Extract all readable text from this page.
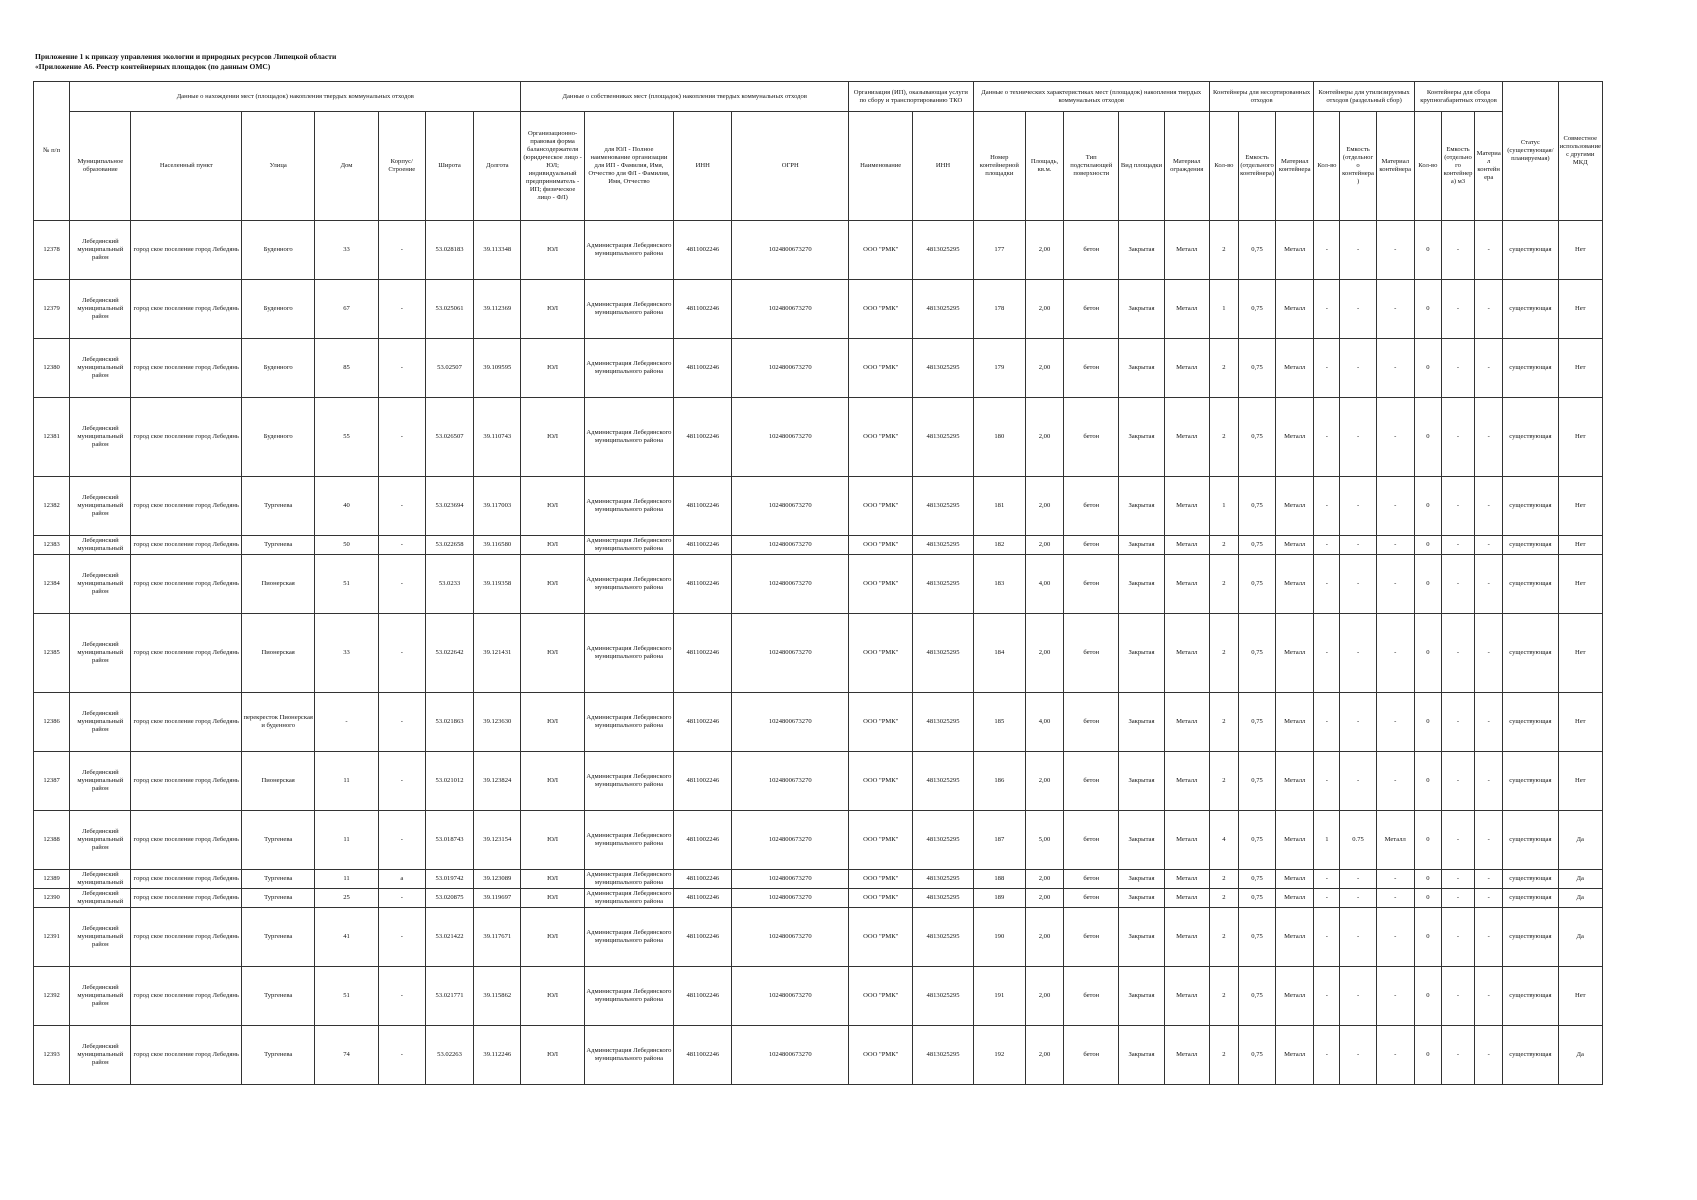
Приложение 1 к приказу управления экологии и природных ресурсов Липецкой области
«Приложение А6. Реестр контейнерных площадок (по данным ОМС)
№ п/п	Данные о нахождении мест (площадок) накопления твердых коммунальных отходов							Данные о собственниках мест (площадок) накопления твердых коммунальных отходов				Организация (ИП), оказывающая услуги по сбору и транспортированию ТКО		Данные о технических характеристиках мест (площадок) накопления твердых коммунальных отходов					Контейнеры для несортированных отходов			Контейнеры для утилизируемых отходов (раздельный сбор)			Контейнеры для сбора крупногабаритных отходов			Статус (существующая/планируемая)	Совместное использование с другими МКД
	Муниципальное образование	Населенный пункт	Улица	Дом	Корпус/Строение	Широта	Долгота	Организационно-правовая форма балансодержателя (юридическое лицо - ЮЛ; индивидуальный предприниматель - ИП; физическое лицо - ФЛ)	для ЮЛ - Полное наименование организации для ИП - Фамилия, Имя, Отчество для ФЛ - Фамилия, Имя, Отчество	ИНН	ОГРН	Наименование	ИНН	Номер контейнерной площадки	Площадь, кв.м.	Тип подстилающей поверхности	Вид площадки	Материал ограждения	Кол-во	Емкость (отдельного контейнера)	Материал контейнера	Кол-во	Емкость (отдельного контейнера)	Материал контейнера	Кол-во	Емкость (отдельного контейнера) м3	Материал контейнера		
12378	Лебедянский муниципальный район	город ское поселение город Лебедянь	Буденного	33	-	53.028183	39.113348	ЮЛ	Администрация Лебедянского муниципального района	4811002246	1024800673270	ООО "РМК"	4813025295	177	2,00	бетон	Закрытая	Металл	2	0,75	Металл	-	-	-	0	-	-	существующая	Нет
12379	Лебедянский муниципальный район	город ское поселение город Лебедянь	Буденного	67	-	53.025061	39.112369	ЮЛ	Администрация Лебедянского муниципального района	4811002246	1024800673270	ООО "РМК"	4813025295	178	2,00	бетон	Закрытая	Металл	1	0,75	Металл	-	-	-	0	-	-	существующая	Нет
12380	Лебедянский муниципальный район	город ское поселение город Лебедянь	Буденного	85	-	53.02507	39.109595	ЮЛ	Администрация Лебедянского муниципального района	4811002246	1024800673270	ООО "РМК"	4813025295	179	2,00	бетон	Закрытая	Металл	2	0,75	Металл	-	-	-	0	-	-	существующая	Нет
12381	Лебедянский муниципальный район	город ское поселение город Лебедянь	Буденного	55	-	53.026507	39.110743	ЮЛ	Администрация Лебедянского муниципального района	4811002246	1024800673270	ООО "РМК"	4813025295	180	2,00	бетон	Закрытая	Металл	2	0,75	Металл	-	-	-	0	-	-	существующая	Нет
12382	Лебедянский муниципальный район	город ское поселение город Лебедянь	Тургенева	40	-	53.023694	39.117003	ЮЛ	Администрация Лебедянского муниципального района	4811002246	1024800673270	ООО "РМК"	4813025295	181	2,00	бетон	Закрытая	Металл	1	0,75	Металл	-	-	-	0	-	-	существующая	Нет

12383	Лебедянский муниципальный	город ское поселение город Лебедянь	Тургенева	50	-	53.022658	39.116580	ЮЛ	Администрация Лебедянского муниципального района	4811002246	1024800673270	ООО "РМК"	4813025295	182	2,00	бетон	Закрытая	Металл	2	0,75	Металл	-	-	-	0	-	-	существующая	Нет

12384	Лебедянский муниципальный район	город ское поселение город Лебедянь	Пионерская	51	-	53.0233	39.119358	ЮЛ	Администрация Лебедянского муниципального района	4811002246	1024800673270	ООО "РМК"	4813025295	183	4,00	бетон	Закрытая	Металл	2	0,75	Металл	-	-	-	0	-	-	существующая	Нет
12385	Лебедянский муниципальный район	город ское поселение город Лебедянь	Пионерская	33	-	53.022642	39.121431	ЮЛ	Администрация Лебедянского муниципального района	4811002246	1024800673270	ООО "РМК"	4813025295	184	2,00	бетон	Закрытая	Металл	2	0,75	Металл	-	-	-	0	-	-	существующая	Нет
12386	Лебедянский муниципальный район	город ское поселение город Лебедянь	перекресток Пионерская и буденного	-	-	53.021863	39.123630	ЮЛ	Администрация Лебедянского муниципального района	4811002246	1024800673270	ООО "РМК"	4813025295	185	4,00	бетон	Закрытая	Металл	2	0,75	Металл	-	-	-	0	-	-	существующая	Нет
12387	Лебедянский муниципальный район	город ское поселение город Лебедянь	Пионерская	11	-	53.021012	39.123824	ЮЛ	Администрация Лебедянского муниципального района	4811002246	1024800673270	ООО "РМК"	4813025295	186	2,00	бетон	Закрытая	Металл	2	0,75	Металл	-	-	-	0	-	-	существующая	Нет
12388	Лебедянский муниципальный район	город ское поселение город Лебедянь	Тургенева	11	-	53.018743	39.123154	ЮЛ	Администрация Лебедянского муниципального района	4811002246	1024800673270	ООО "РМК"	4813025295	187	5,00	бетон	Закрытая	Металл	4	0,75	Металл	1	0.75	Металл	0	-	-	существующая	Да

12389	Лебедянский муниципальный	город ское поселение город Лебедянь	Тургенева	11	а	53.019742	39.123089	ЮЛ	Администрация Лебедянского муниципального района	4811002246	1024800673270	ООО "РМК"	4813025295	188	2,00	бетон	Закрытая	Металл	2	0,75	Металл	-	-	-	0	-	-	существующая	Да

12390	Лебедянский муниципальный	город ское поселение город Лебедянь	Тургенева	25	-	53.020875	39.119697	ЮЛ	Администрация Лебедянского муниципального района	4811002246	1024800673270	ООО "РМК"	4813025295	189	2,00	бетон	Закрытая	Металл	2	0,75	Металл	-	-	-	0	-	-	существующая	Да

12391	Лебедянский муниципальный район	город ское поселение город Лебедянь	Тургенева	41	-	53.021422	39.117671	ЮЛ	Администрация Лебедянского муниципального района	4811002246	1024800673270	ООО "РМК"	4813025295	190	2,00	бетон	Закрытая	Металл	2	0,75	Металл	-	-	-	0	-	-	существующая	Да
12392	Лебедянский муниципальный район	город ское поселение город Лебедянь	Тургенева	51	-	53.021771	39.115862	ЮЛ	Администрация Лебедянского муниципального района	4811002246	1024800673270	ООО "РМК"	4813025295	191	2,00	бетон	Закрытая	Металл	2	0,75	Металл	-	-	-	0	-	-	существующая	Нет
12393	Лебедянский муниципальный район	город ское поселение город Лебедянь	Тургенева	74	-	53.02263	39.112246	ЮЛ	Администрация Лебедянского муниципального района	4811002246	1024800673270	ООО "РМК"	4813025295	192	2,00	бетон	Закрытая	Металл	2	0,75	Металл	-	-	-	0	-	-	существующая	Да
